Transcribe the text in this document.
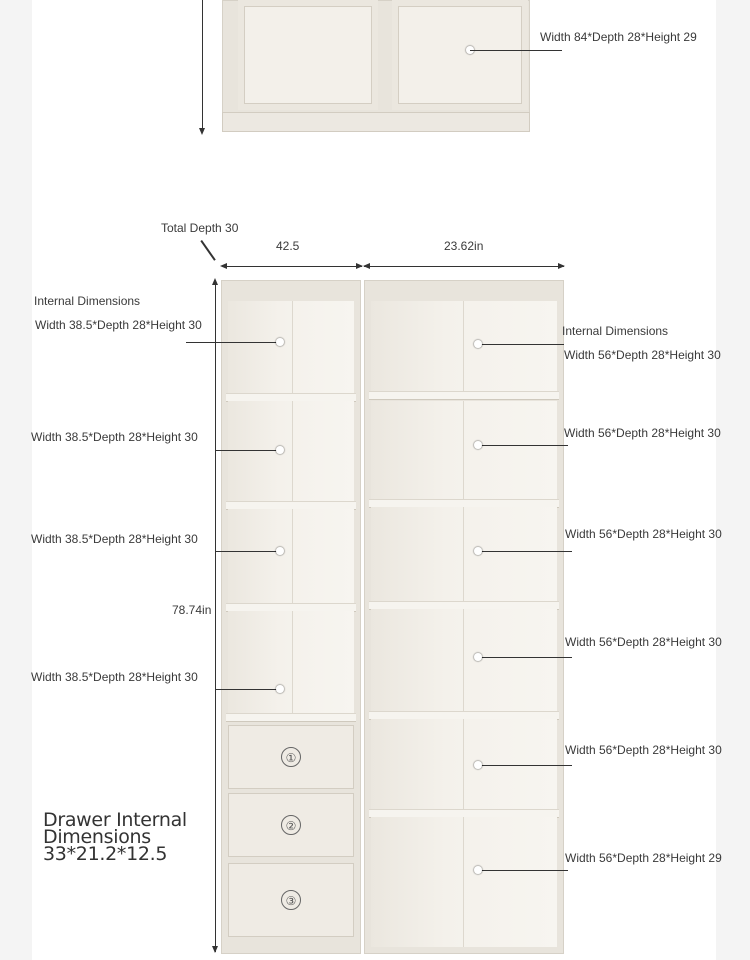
Width 84*Depth 28*Height 29
Total Depth 30
42.5	23.62in
78.74in
①
②
③
Internal Dimensions
Width 38.5*Depth 28*Height 30
Width 38.5*Depth 28*Height 30
Width 38.5*Depth 28*Height 30
Width 38.5*Depth 28*Height 30
Internal Dimensions
Width 56*Depth 28*Height 30
Width 56*Depth 28*Height 30
Width 56*Depth 28*Height 30
Width 56*Depth 28*Height 30
Width 56*Depth 28*Height 30
Width 56*Depth 28*Height 29
Drawer Internal
Dimensions
33*21.2*12.5
